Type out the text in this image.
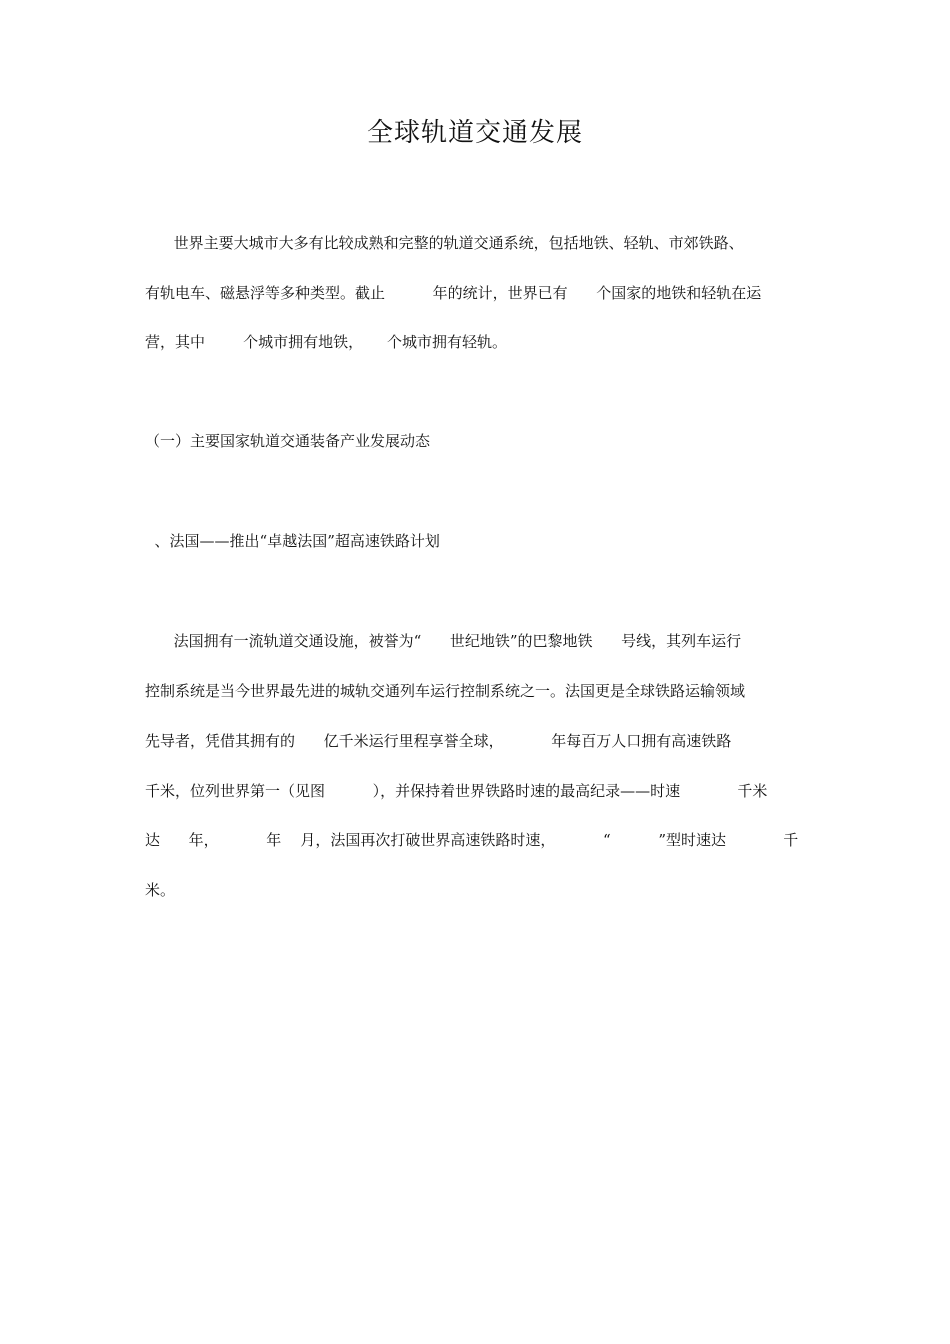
全球轨道交通发展
世界主要大城市大多有比较成熟和完整的轨道交通系统，包括地铁、轻轨、市郊铁路、
有轨电车、磁悬浮等多种类型。截止          年的统计，世界已有      个国家的地铁和轻轨在运
营，其中        个城市拥有地铁，     个城市拥有轻轨。
（一）主要国家轨道交通装备产业发展动态
、法国——推出“卓越法国”超高速铁路计划
法国拥有一流轨道交通设施，被誉为“      世纪地铁”的巴黎地铁      号线，其列车运行
控制系统是当今世界最先进的城轨交通列车运行控制系统之一。法国更是全球铁路运输领域
先导者，凭借其拥有的      亿千米运行里程享誉全球，          年每百万人口拥有高速铁路
千米，位列世界第一（见图          ），并保持着世界铁路时速的最高纪录——时速            千米
达      年，          年    月，法国再次打破世界高速铁路时速，          “          ”型时速达            千
米。
